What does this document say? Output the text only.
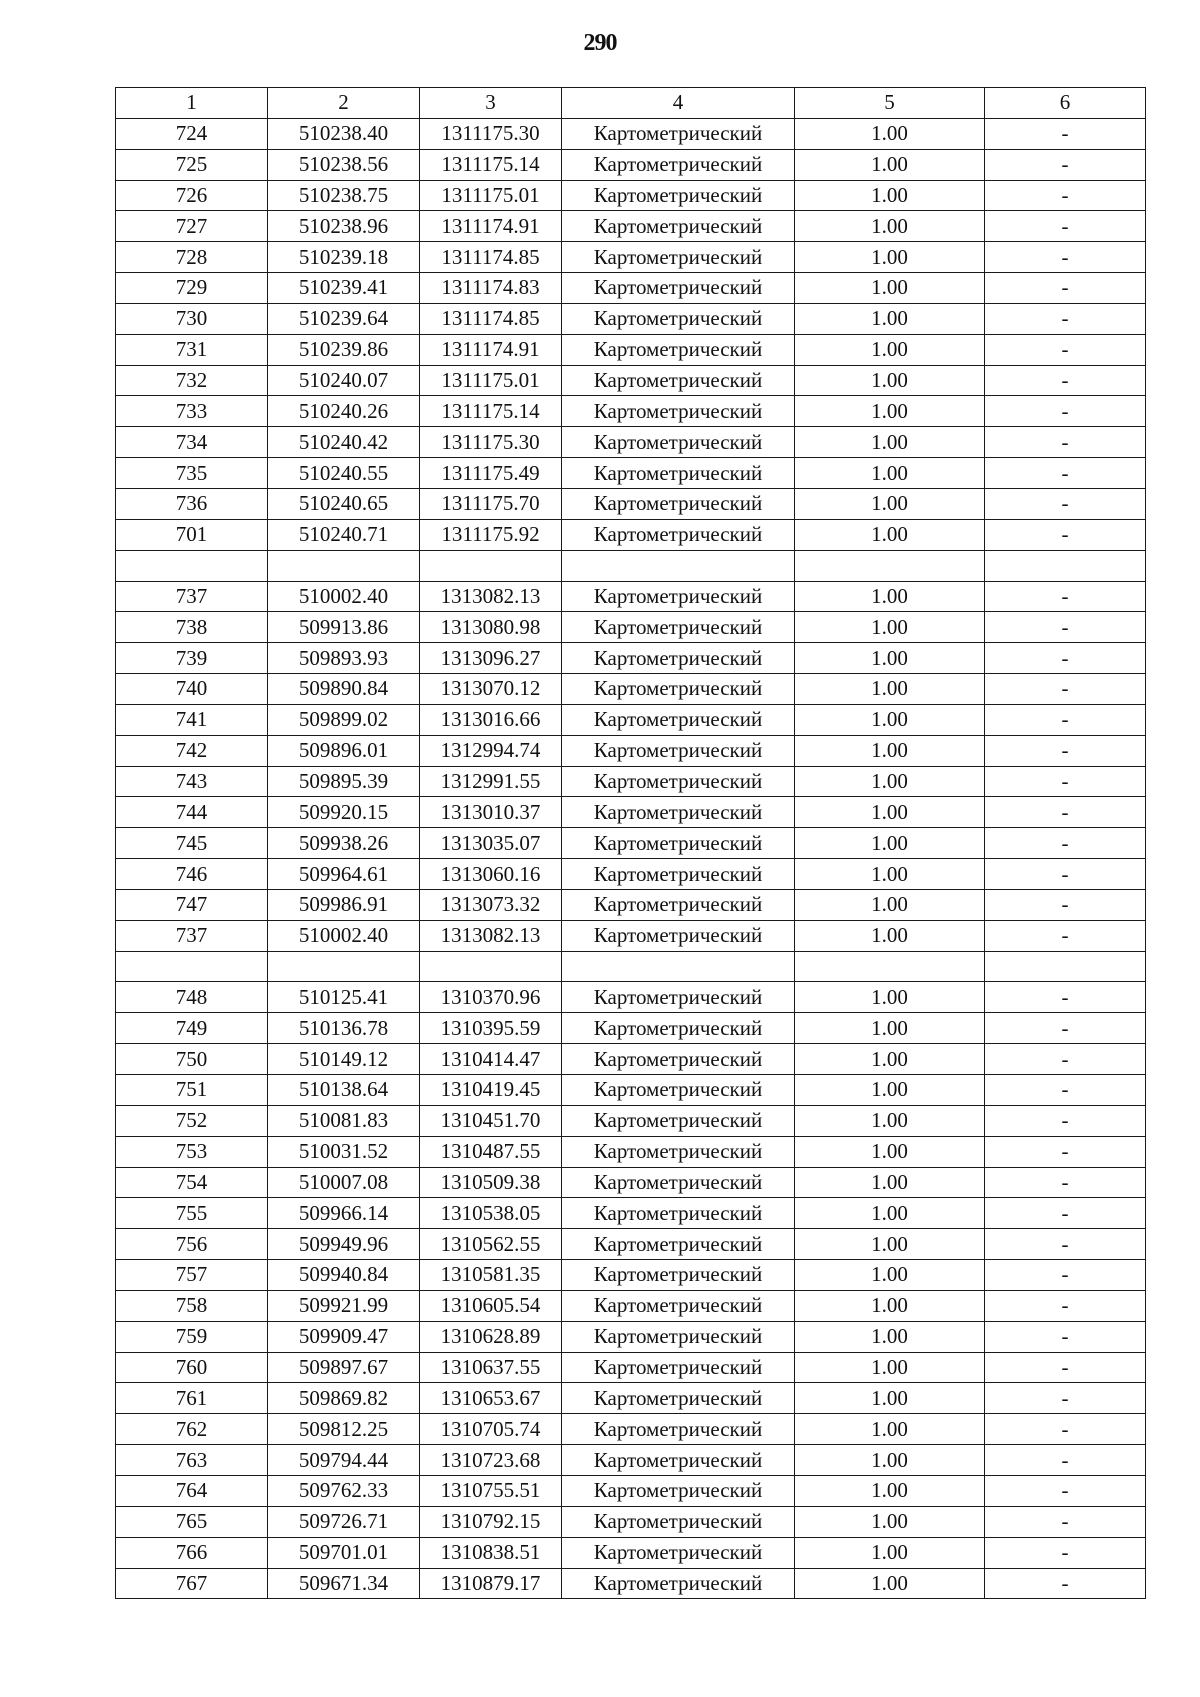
290
1	2	3	4	5	6
724	510238.40	1311175.30	Картометрический	1.00	-
725	510238.56	1311175.14	Картометрический	1.00	-
726	510238.75	1311175.01	Картометрический	1.00	-
727	510238.96	1311174.91	Картометрический	1.00	-
728	510239.18	1311174.85	Картометрический	1.00	-
729	510239.41	1311174.83	Картометрический	1.00	-
730	510239.64	1311174.85	Картометрический	1.00	-
731	510239.86	1311174.91	Картометрический	1.00	-
732	510240.07	1311175.01	Картометрический	1.00	-
733	510240.26	1311175.14	Картометрический	1.00	-
734	510240.42	1311175.30	Картометрический	1.00	-
735	510240.55	1311175.49	Картометрический	1.00	-
736	510240.65	1311175.70	Картометрический	1.00	-
701	510240.71	1311175.92	Картометрический	1.00	-

737	510002.40	1313082.13	Картометрический	1.00	-
738	509913.86	1313080.98	Картометрический	1.00	-
739	509893.93	1313096.27	Картометрический	1.00	-
740	509890.84	1313070.12	Картометрический	1.00	-
741	509899.02	1313016.66	Картометрический	1.00	-
742	509896.01	1312994.74	Картометрический	1.00	-
743	509895.39	1312991.55	Картометрический	1.00	-
744	509920.15	1313010.37	Картометрический	1.00	-
745	509938.26	1313035.07	Картометрический	1.00	-
746	509964.61	1313060.16	Картометрический	1.00	-
747	509986.91	1313073.32	Картометрический	1.00	-
737	510002.40	1313082.13	Картометрический	1.00	-

748	510125.41	1310370.96	Картометрический	1.00	-
749	510136.78	1310395.59	Картометрический	1.00	-
750	510149.12	1310414.47	Картометрический	1.00	-
751	510138.64	1310419.45	Картометрический	1.00	-
752	510081.83	1310451.70	Картометрический	1.00	-
753	510031.52	1310487.55	Картометрический	1.00	-
754	510007.08	1310509.38	Картометрический	1.00	-
755	509966.14	1310538.05	Картометрический	1.00	-
756	509949.96	1310562.55	Картометрический	1.00	-
757	509940.84	1310581.35	Картометрический	1.00	-
758	509921.99	1310605.54	Картометрический	1.00	-
759	509909.47	1310628.89	Картометрический	1.00	-
760	509897.67	1310637.55	Картометрический	1.00	-
761	509869.82	1310653.67	Картометрический	1.00	-
762	509812.25	1310705.74	Картометрический	1.00	-
763	509794.44	1310723.68	Картометрический	1.00	-
764	509762.33	1310755.51	Картометрический	1.00	-
765	509726.71	1310792.15	Картометрический	1.00	-
766	509701.01	1310838.51	Картометрический	1.00	-
767	509671.34	1310879.17	Картометрический	1.00	-
